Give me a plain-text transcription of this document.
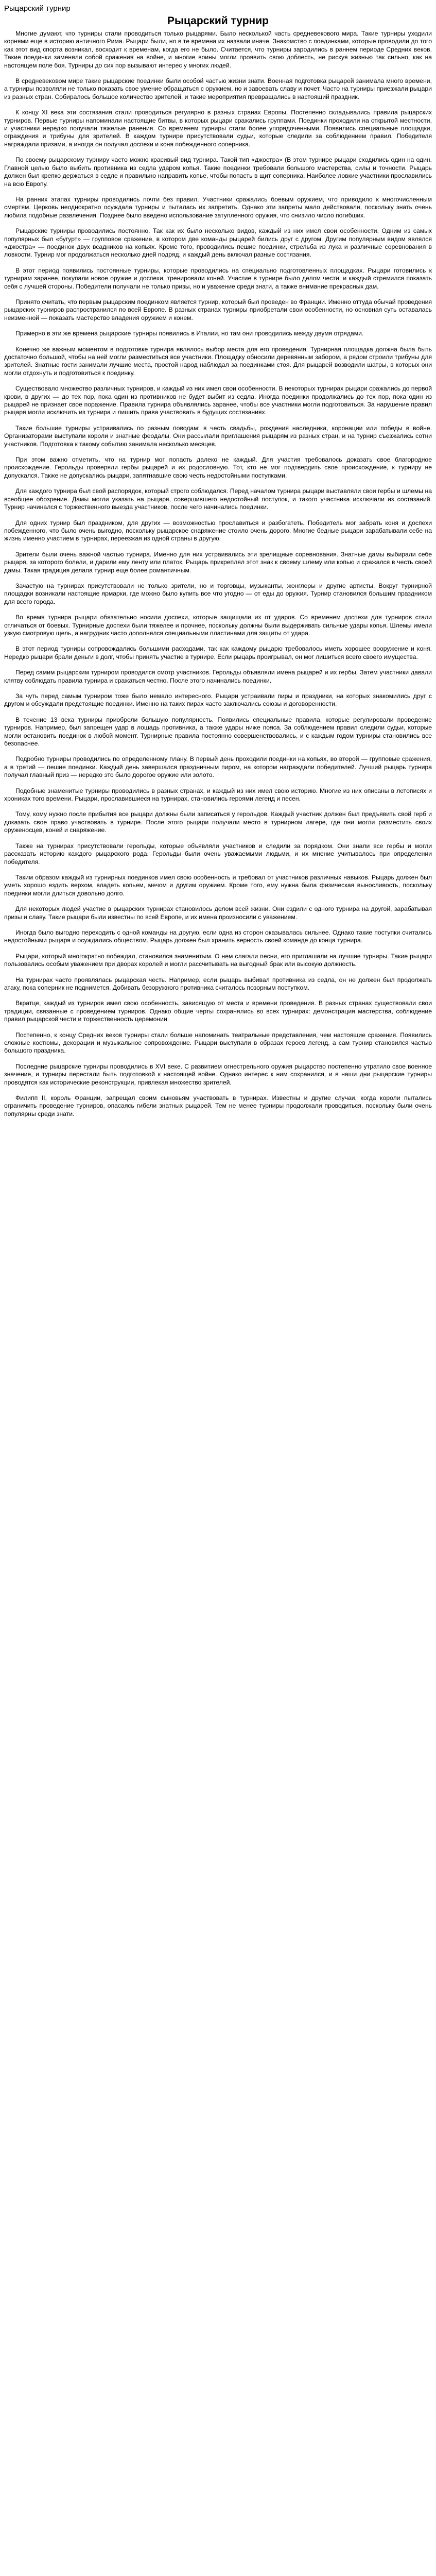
Рыцарский турнир
Рыцарский турнир

Многие думают, что турниры стали проводиться только рыцарями. Было несколькой часть средневекового мира. Такие турниры уходили корнями еще в историю античного Рима. Рыцари были, но в те времена их назвали иначе. Знакомство с поединками, которые проводили до того как этот вид спорта возникал, восходит к временам, когда его не было. Считается, что турниры зародились в раннем периоде Средних веков. Такие поединки заменяли собой сражения на войне, и многие воины могли проявить свою доблесть, не рискуя жизнью так сильно, как на настоящем поле боя. Турниры до сих пор вызывают интерес у многих людей.

В средневековом мире такие рыцарские поединки были особой частью жизни знати. Военная подготовка рыцарей занимала много времени, а турниры позволяли не только показать свое умение обращаться с оружием, но и завоевать славу и почет. Часто на турниры приезжали рыцари из разных стран. Собиралось большое количество зрителей, и такие мероприятия превращались в настоящий праздник.

К концу XI века эти состязания стали проводиться регулярно в разных странах Европы. Постепенно складывались правила рыцарских турниров. Первые турниры напоминали настоящие битвы, в которых рыцари сражались группами. Поединки проходили на открытой местности, и участники нередко получали тяжелые ранения. Со временем турниры стали более упорядоченными. Появились специальные площадки, ограждения и трибуны для зрителей. В каждом турнире присутствовали судьи, которые следили за соблюдением правил. Победителя награждали призами, а иногда он получал доспехи и коня побежденного соперника.

По своему рыцарскому турниру часто можно красивый вид турнира. Такой тип «джостра» (В этом турнире рыцари сходились один на один. Главной целью было выбить противника из седла ударом копья. Такие поединки требовали большого мастерства, силы и точности. Рыцарь должен был крепко держаться в седле и правильно направить копье, чтобы попасть в щит соперника. Наиболее ловкие участники прославились на всю Европу.

На ранних этапах турниры проводились почти без правил. Участники сражались боевым оружием, что приводило к многочисленным смертям. Церковь неоднократно осуждала турниры и пыталась их запретить. Однако эти запреты мало действовали, поскольку знать очень любила подобные развлечения. Позднее было введено использование затупленного оружия, что снизило число погибших.

Рыцарские турниры проводились постоянно. Так как их было несколько видов, каждый из них имел свои особенности. Одним из самых популярных был «бугурт» — групповое сражение, в котором две команды рыцарей бились друг с другом. Другим популярным видом являлся «джостра» — поединок двух всадников на копьях. Кроме того, проводились пешие поединки, стрельба из лука и различные соревнования в ловкости. Турнир мог продолжаться несколько дней подряд, и каждый день включал разные состязания.

В этот период появились постоянные турниры, которые проводились на специально подготовленных площадках. Рыцари готовились к турнирам заранее, покупали новое оружие и доспехи, тренировали коней. Участие в турнире было делом чести, и каждый стремился показать себя с лучшей стороны. Победители получали не только призы, но и уважение среди знати, а также внимание прекрасных дам.

Принято считать, что первым рыцарским поединком является турнир, который был проведен во Франции. Именно оттуда обычай проведения рыцарских турниров распространился по всей Европе. В разных странах турниры приобретали свои особенности, но основная суть оставалась неизменной — показать мастерство владения оружием и конем.

Примерно в эти же времена рыцарские турниры появились в Италии, но там они проводились между двумя отрядами.

Конечно же важным моментом в подготовке турнира являлось выбор места для его проведения. Турнирная площадка должна была быть достаточно большой, чтобы на ней могли разместиться все участники. Площадку обносили деревянным забором, а рядом строили трибуны для зрителей. Знатные гости занимали лучшие места, простой народ наблюдал за поединками стоя. Для рыцарей возводили шатры, в которых они могли отдохнуть и подготовиться к поединку.

Существовало множество различных турниров, и каждый из них имел свои особенности. В некоторых турнирах рыцари сражались до первой крови, в других — до тех пор, пока один из противников не будет выбит из седла. Иногда поединки продолжались до тех пор, пока один из рыцарей не признает свое поражение. Правила турнира объявлялись заранее, чтобы все участники могли подготовиться. За нарушение правил рыцаря могли исключить из турнира и лишить права участвовать в будущих состязаниях.

Такие большие турниры устраивались по разным поводам: в честь свадьбы, рождения наследника, коронации или победы в войне. Организаторами выступали короли и знатные феодалы. Они рассылали приглашения рыцарям из разных стран, и на турнир съезжались сотни участников. Подготовка к такому событию занимала несколько месяцев.

При этом важно отметить, что на турнир мог попасть далеко не каждый. Для участия требовалось доказать свое благородное происхождение. Герольды проверяли гербы рыцарей и их родословную. Тот, кто не мог подтвердить свое происхождение, к турниру не допускался. Также не допускались рыцари, запятнавшие свою честь недостойными поступками.

Для каждого турнира был свой распорядок, который строго соблюдался. Перед началом турнира рыцари выставляли свои гербы и шлемы на всеобщее обозрение. Дамы могли указать на рыцаря, совершившего недостойный поступок, и такого участника исключали из состязаний. Турнир начинался с торжественного выезда участников, после чего начинались поединки.

Для одних турнир был праздником, для других — возможностью прославиться и разбогатеть. Победитель мог забрать коня и доспехи побежденного, что было очень выгодно, поскольку рыцарское снаряжение стоило очень дорого. Многие бедные рыцари зарабатывали себе на жизнь именно участием в турнирах, переезжая из одной страны в другую.

Зрители были очень важной частью турнира. Именно для них устраивались эти зрелищные соревнования. Знатные дамы выбирали себе рыцаря, за которого болели, и дарили ему ленту или платок. Рыцарь прикреплял этот знак к своему шлему или копью и сражался в честь своей дамы. Такая традиция делала турнир еще более романтичным.

Зачастую на турнирах присутствовали не только зрители, но и торговцы, музыканты, жонглеры и другие артисты. Вокруг турнирной площадки возникали настоящие ярмарки, где можно было купить все что угодно — от еды до оружия. Турнир становился большим праздником для всего города.

Во время турнира рыцари обязательно носили доспехи, которые защищали их от ударов. Со временем доспехи для турниров стали отличаться от боевых. Турнирные доспехи были тяжелее и прочнее, поскольку должны были выдерживать сильные удары копья. Шлемы имели узкую смотровую щель, а нагрудник часто дополнялся специальными пластинами для защиты от удара.

В этот период турниры сопровождались большими расходами, так как каждому рыцарю требовалось иметь хорошее вооружение и коня. Нередко рыцари брали деньги в долг, чтобы принять участие в турнире. Если рыцарь проигрывал, он мог лишиться всего своего имущества.

Перед самим рыцарским турниром проводился смотр участников. Герольды объявляли имена рыцарей и их гербы. Затем участники давали клятву соблюдать правила турнира и сражаться честно. После этого начинались поединки.

За чуть перед самым турниром тоже было немало интересного. Рыцари устраивали пиры и праздники, на которых знакомились друг с другом и обсуждали предстоящие поединки. Именно на таких пирах часто заключались союзы и договоренности.

В течение 13 века турниры приобрели большую популярность. Появились специальные правила, которые регулировали проведение турниров. Например, был запрещен удар в лошадь противника, а также удары ниже пояса. За соблюдением правил следили судьи, которые могли остановить поединок в любой момент. Турнирные правила постоянно совершенствовались, и с каждым годом турниры становились все безопаснее.

Подробно турниры проводились по определенному плану. В первый день проходили поединки на копьях, во второй — групповые сражения, а в третий — пешие поединки. Каждый день завершался праздничным пиром, на котором награждали победителей. Лучший рыцарь турнира получал главный приз — нередко это было дорогое оружие или золото.

Подобные знаменитые турниры проводились в разных странах, и каждый из них имел свою историю. Многие из них описаны в летописях и хрониках того времени. Рыцари, прославившиеся на турнирах, становились героями легенд и песен.

Тому, кому нужно после прибытия все рыцари должны были записаться у герольдов. Каждый участник должен был предъявить свой герб и доказать свое право участвовать в турнире. После этого рыцари получали место в турнирном лагере, где они могли разместить своих оруженосцев, коней и снаряжение.

Также на турнирах присутствовали герольды, которые объявляли участников и следили за порядком. Они знали все гербы и могли рассказать историю каждого рыцарского рода. Герольды были очень уважаемыми людьми, и их мнение учитывалось при определении победителя.

Таким образом каждый из турнирных поединков имел свою особенность и требовал от участников различных навыков. Рыцарь должен был уметь хорошо ездить верхом, владеть копьем, мечом и другим оружием. Кроме того, ему нужна была физическая выносливость, поскольку поединки могли длиться довольно долго.

Для некоторых людей участие в рыцарских турнирах становилось делом всей жизни. Они ездили с одного турнира на другой, зарабатывая призы и славу. Такие рыцари были известны по всей Европе, и их имена произносили с уважением.

Иногда было выгодно переходить с одной команды на другую, если одна из сторон оказывалась сильнее. Однако такие поступки считались недостойными рыцаря и осуждались обществом. Рыцарь должен был хранить верность своей команде до конца турнира.

Рыцари, который многократно побеждал, становился знаменитым. О нем слагали песни, его приглашали на лучшие турниры. Такие рыцари пользовались особым уважением при дворах королей и могли рассчитывать на выгодный брак или высокую должность.

На турнирах часто проявлялась рыцарская честь. Например, если рыцарь выбивал противника из седла, он не должен был продолжать атаку, пока соперник не поднимется. Добивать безоружного противника считалось позорным поступком.

Вкратце, каждый из турниров имел свою особенность, зависящую от места и времени проведения. В разных странах существовали свои традиции, связанные с проведением турниров. Однако общие черты сохранялись во всех турнирах: демонстрация мастерства, соблюдение правил рыцарской чести и торжественность церемонии.

Постепенно, к концу Средних веков турниры стали больше напоминать театральные представления, чем настоящие сражения. Появились сложные костюмы, декорации и музыкальное сопровождение. Рыцари выступали в образах героев легенд, а сам турнир становился частью большого праздника.

Последние рыцарские турниры проводились в XVI веке. С развитием огнестрельного оружия рыцарство постепенно утратило свое военное значение, и турниры перестали быть подготовкой к настоящей войне. Однако интерес к ним сохранился, и в наши дни рыцарские турниры проводятся как исторические реконструкции, привлекая множество зрителей.

Филипп II, король Франции, запрещал своим сыновьям участвовать в турнирах. Известны и другие случаи, когда короли пытались ограничить проведение турниров, опасаясь гибели знатных рыцарей. Тем не менее турниры продолжали проводиться, поскольку были очень популярны среди знати.
